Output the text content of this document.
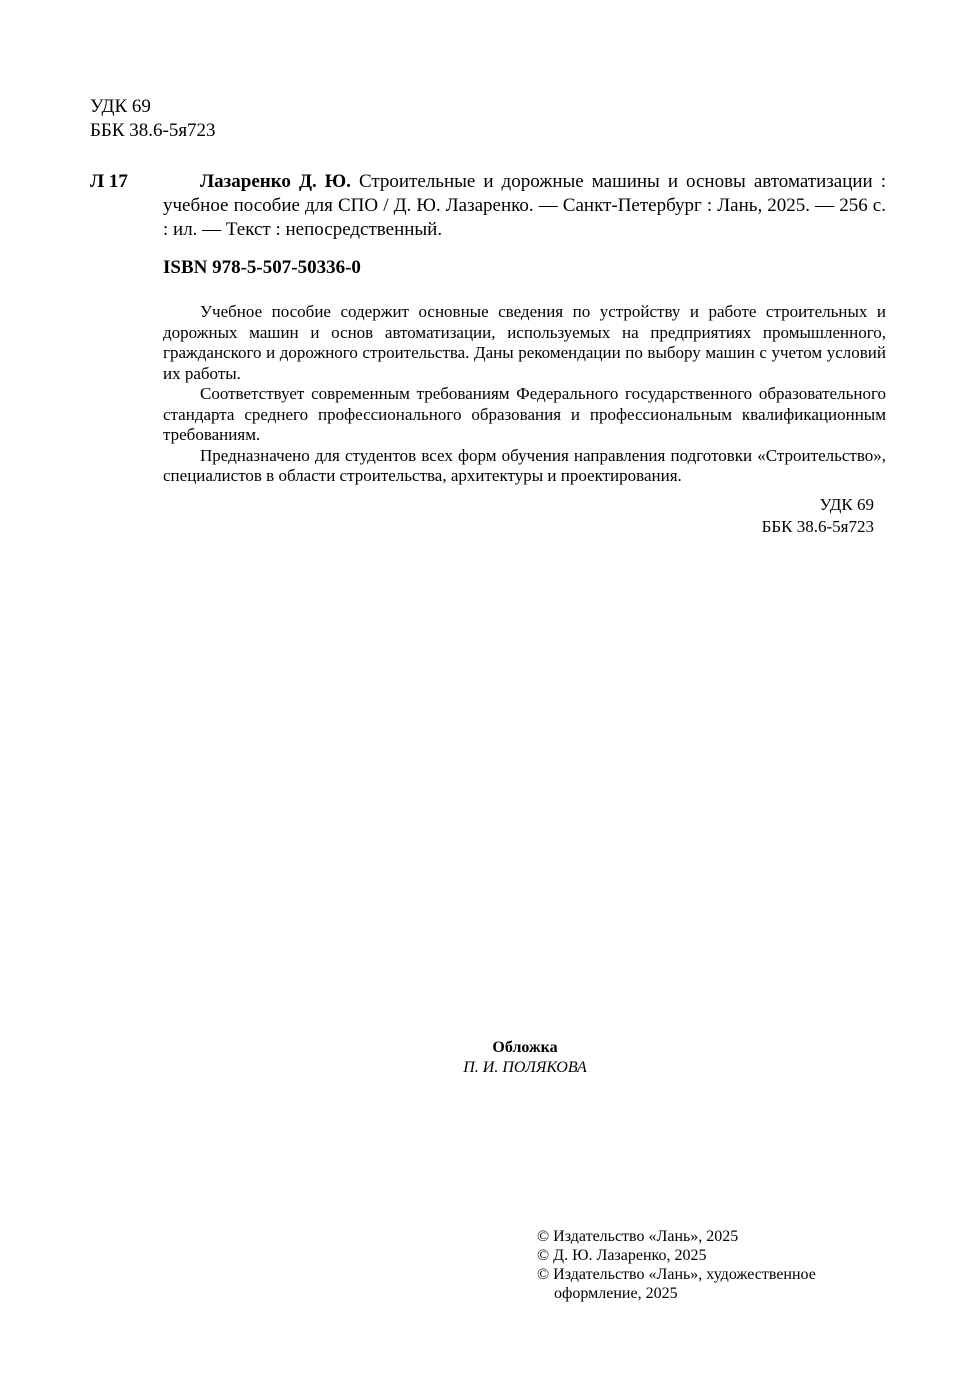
УДК 69
ББК 38.6-5я723
Л 17	Лазаренко Д. Ю. Строительные и дорожные машины и основы автоматизации : учебное пособие для СПО / Д. Ю. Лазаренко. — Санкт-Петербург : Лань, 2025. — 256 с. : ил. — Текст : непосредственный.
ISBN 978-5-507-50336-0

Учебное пособие содержит основные сведения по устройству и работе строительных и дорожных машин и основ автоматизации, используемых на предприятиях промышленного, гражданского и дорожного строительства. Даны рекомендации по выбору машин с учетом условий их работы.

Соответствует современным требованиям Федерального государственного образовательного стандарта среднего профессионального образования и профессиональным квалификационным требованиям.

Предназначено для студентов всех форм обучения направления подготовки «Строительство», специалистов в области строительства, архитектуры и проектирования.

УДК 69
ББК 38.6-5я723
Обложка
П. И. ПОЛЯКОВА
© Издательство «Лань», 2025
© Д. Ю. Лазаренко, 2025
© Издательство «Лань», художественное
оформление, 2025
